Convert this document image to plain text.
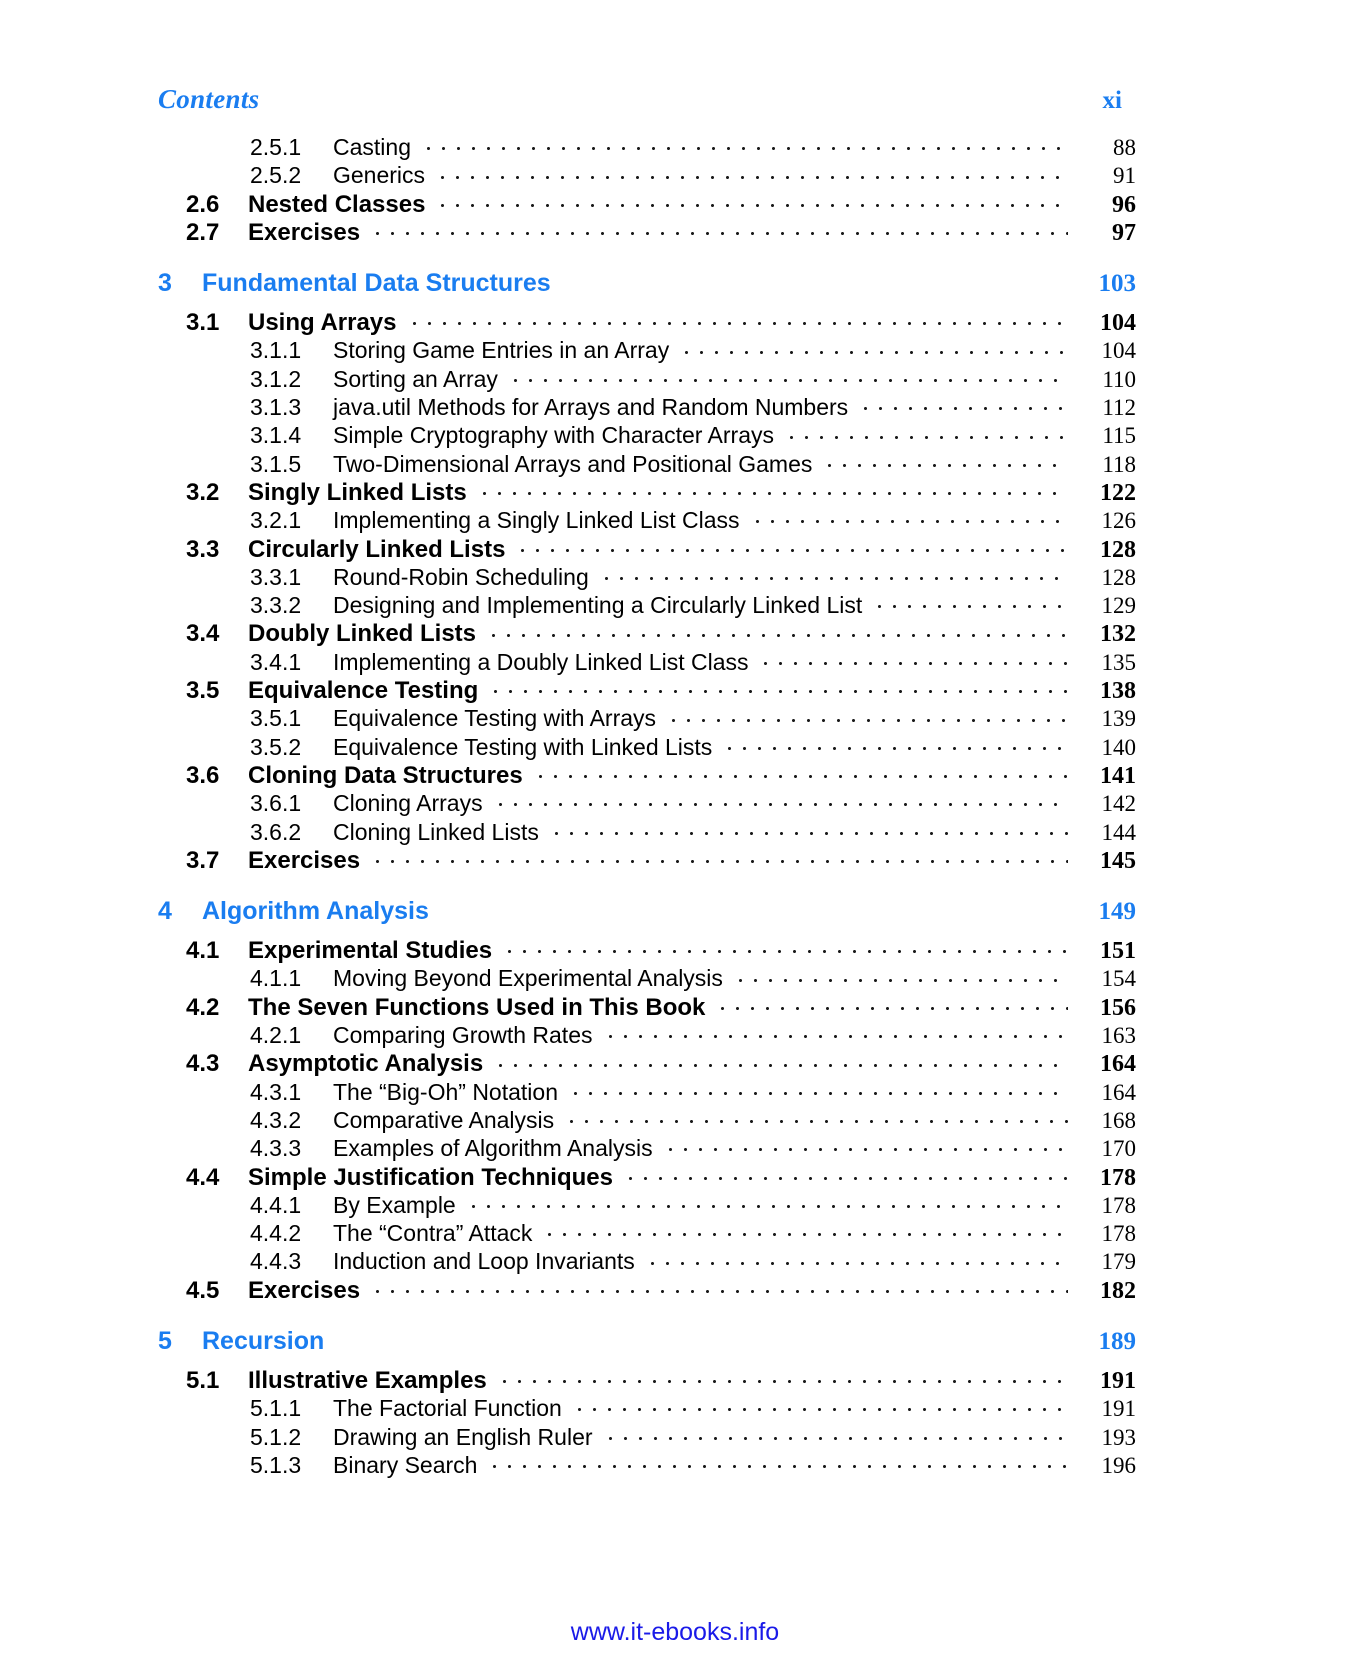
Contents	xi
2.5.1	Casting	88
2.5.2	Generics	91
2.6	Nested Classes	96
2.7	Exercises	97
3	Fundamental Data Structures	103
3.1	Using Arrays	104
3.1.1	Storing Game Entries in an Array	104
3.1.2	Sorting an Array	110
3.1.3	java.util Methods for Arrays and Random Numbers	112
3.1.4	Simple Cryptography with Character Arrays	115
3.1.5	Two-Dimensional Arrays and Positional Games	118
3.2	Singly Linked Lists	122
3.2.1	Implementing a Singly Linked List Class	126
3.3	Circularly Linked Lists	128
3.3.1	Round-Robin Scheduling	128
3.3.2	Designing and Implementing a Circularly Linked List	129
3.4	Doubly Linked Lists	132
3.4.1	Implementing a Doubly Linked List Class	135
3.5	Equivalence Testing	138
3.5.1	Equivalence Testing with Arrays	139
3.5.2	Equivalence Testing with Linked Lists	140
3.6	Cloning Data Structures	141
3.6.1	Cloning Arrays	142
3.6.2	Cloning Linked Lists	144
3.7	Exercises	145
4	Algorithm Analysis	149
4.1	Experimental Studies	151
4.1.1	Moving Beyond Experimental Analysis	154
4.2	The Seven Functions Used in This Book	156
4.2.1	Comparing Growth Rates	163
4.3	Asymptotic Analysis	164
4.3.1	The “Big-Oh” Notation	164
4.3.2	Comparative Analysis	168
4.3.3	Examples of Algorithm Analysis	170
4.4	Simple Justification Techniques	178
4.4.1	By Example	178
4.4.2	The “Contra” Attack	178
4.4.3	Induction and Loop Invariants	179
4.5	Exercises	182
5	Recursion	189
5.1	Illustrative Examples	191
5.1.1	The Factorial Function	191
5.1.2	Drawing an English Ruler	193
5.1.3	Binary Search	196
www.it-ebooks.info
